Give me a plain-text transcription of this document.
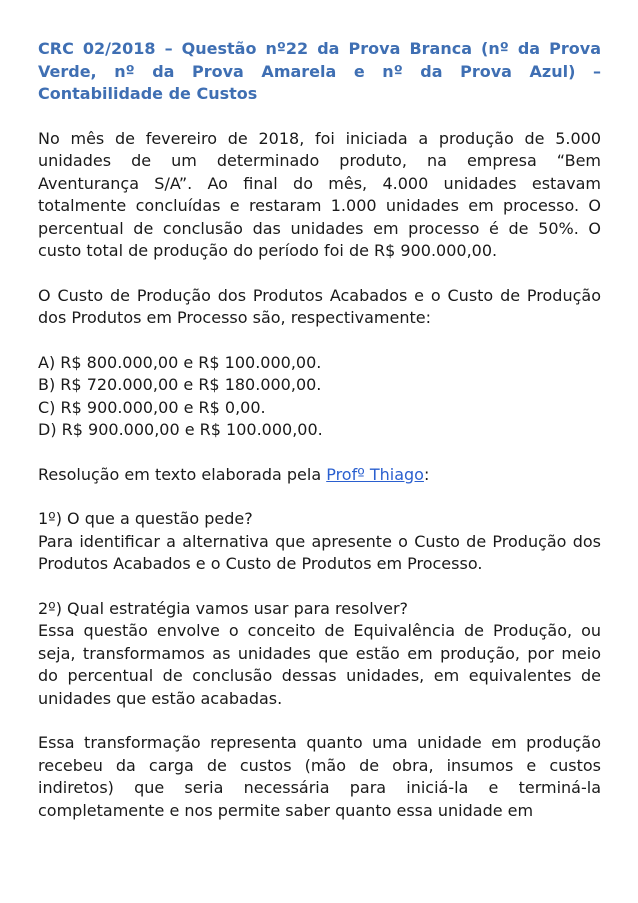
CRC 02/2018 – Questão nº22 da Prova Branca (nº da Prova Verde, nº da Prova Amarela e nº da Prova Azul) – Contabilidade de Custos

No mês de fevereiro de 2018, foi iniciada a produção de 5.000 unidades de um determinado produto, na empresa “Bem Aventurança S/A”. Ao final do mês, 4.000 unidades estavam totalmente concluídas e restaram 1.000 unidades em processo. O percentual de conclusão das unidades em processo é de 50%. O custo total de produção do período foi de R$ 900.000,00.

O Custo de Produção dos Produtos Acabados e o Custo de Produção dos Produtos em Processo são, respectivamente:

A) R$ 800.000,00 e R$ 100.000,00.
B) R$ 720.000,00 e R$ 180.000,00.
C) R$ 900.000,00 e R$ 0,00.
D) R$ 900.000,00 e R$ 100.000,00.

Resolução em texto elaborada pela Profº Thiago:

1º) O que a questão pede?
Para identificar a alternativa que apresente o Custo de Produção dos Produtos Acabados e o Custo de Produtos em Processo.

2º) Qual estratégia vamos usar para resolver?
Essa questão envolve o conceito de Equivalência de Produção, ou seja, transformamos as unidades que estão em produção, por meio do percentual de conclusão dessas unidades, em equivalentes de unidades que estão acabadas.

Essa transformação representa quanto uma unidade em produção recebeu da carga de custos (mão de obra, insumos e custos indiretos) que seria necessária para iniciá-la e terminá-la completamente e nos permite saber quanto essa unidade em
